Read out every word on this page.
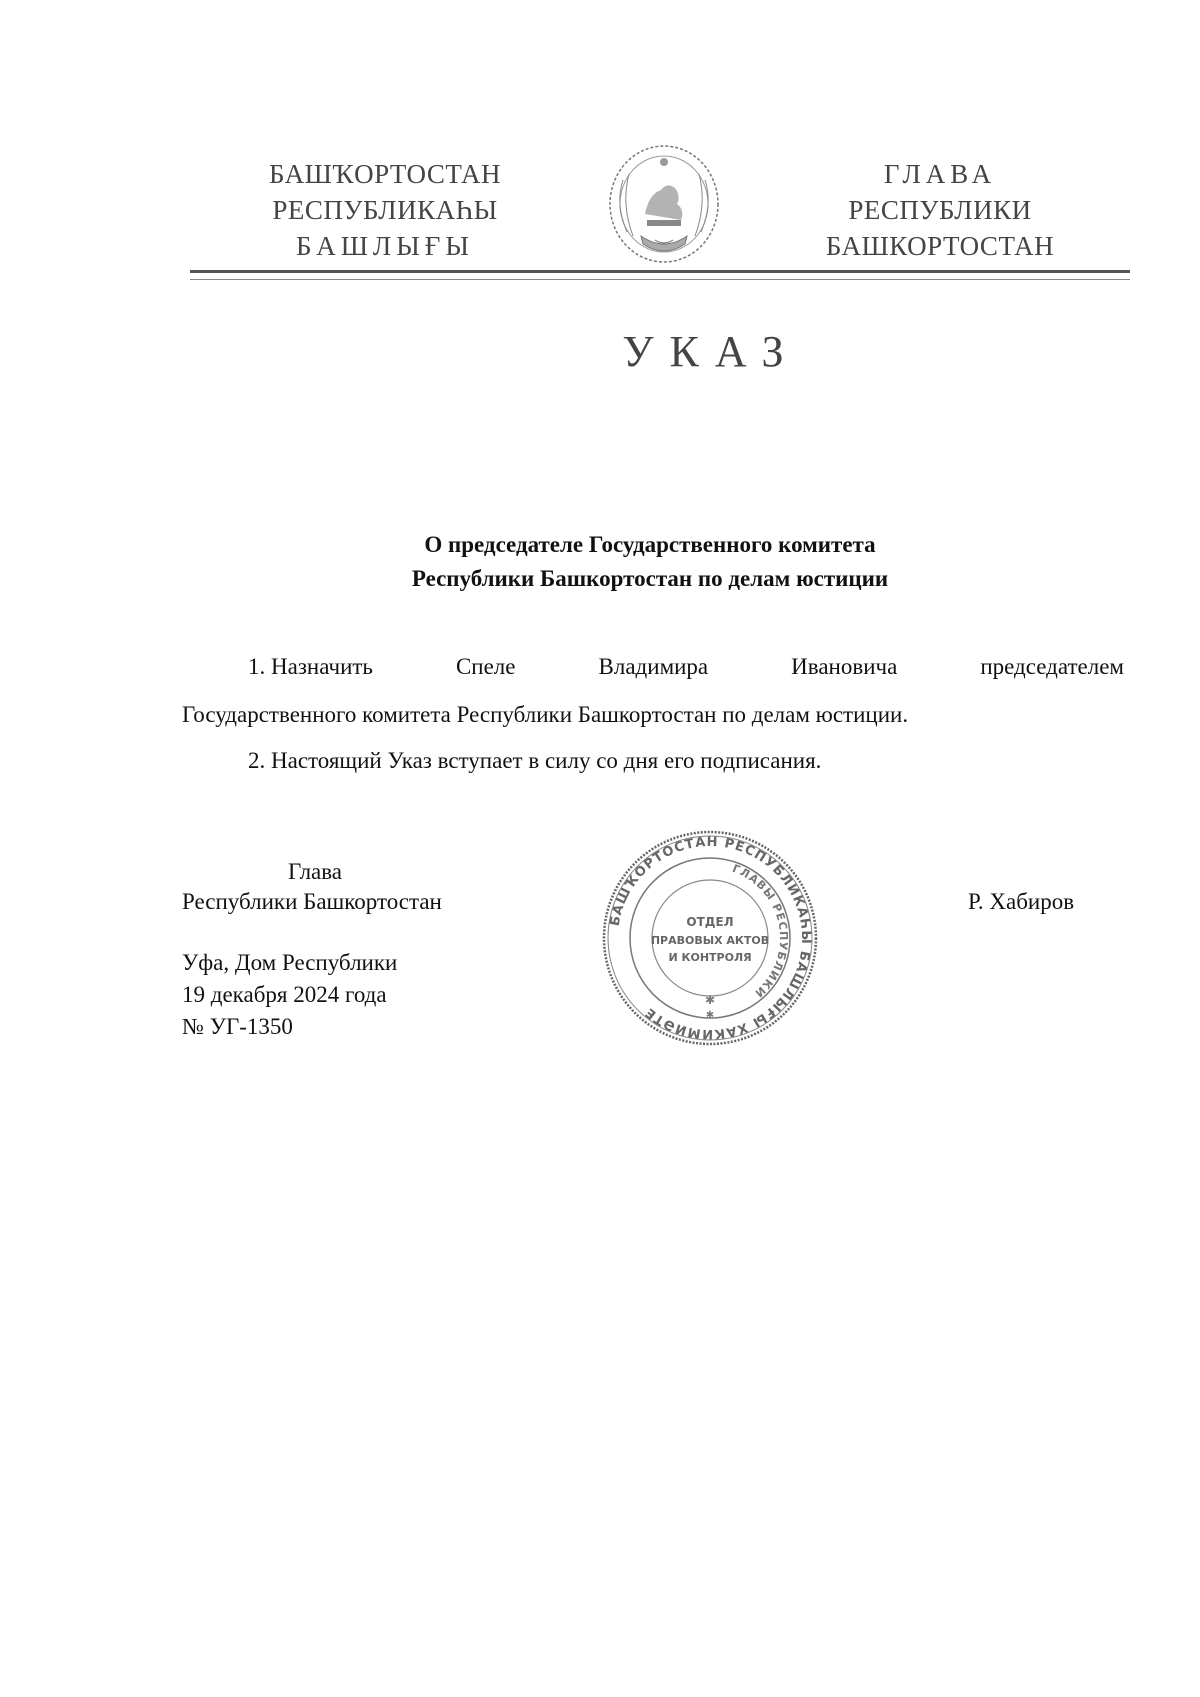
БАШҠОРТОСТАН
РЕСПУБЛИКАҺЫ
БАШЛЫҒЫ
ГЛАВА
РЕСПУБЛИКИ
БАШКОРТОСТАН
УКАЗ
О председателе Государственного комитета
Республики Башкортостан по делам юстиции
1. Назначить	Спеле	Владимира	Ивановича	председателем
Государственного комитета Республики Башкортостан по делам юстиции.
2. Настоящий Указ вступает в силу со дня его подписания.
Глава
Республики Башкортостан	Р. Хабиров
Уфа, Дом Республики
19 декабря 2024 года
№ УГ-1350
БАШҠОРТОСТАН РЕСПУБЛИКАҺЫ БАШЛЫҒЫ ХАКИМИӘТЕ
ГЛАВЫ РЕСПУБЛИКИ
ОТДЕЛ
ПРАВОВЫХ АКТОВ
И КОНТРОЛЯ
✱
✱
